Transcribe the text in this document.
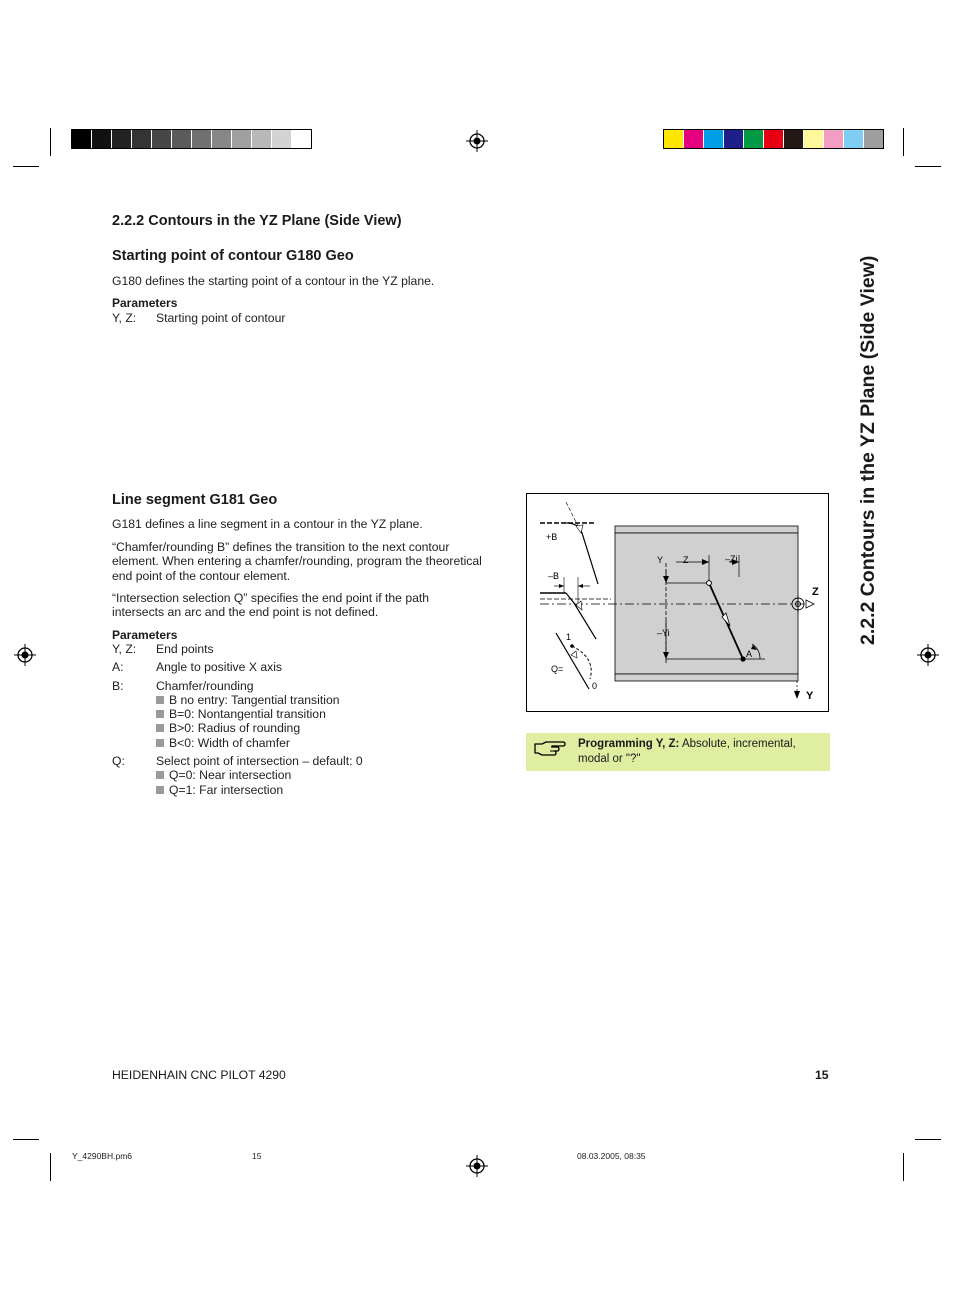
2.2.2 Contours in the YZ Plane (Side View)
Starting point of contour G180 Geo

G180 defines the starting point of a contour in the YZ plane.

Parameters
Y, Z: Starting point of contour
Line segment G181 Geo

G181 defines a line segment in a contour in the YZ plane.

“Chamfer/rounding B” defines the transition to the next contour element. When entering a chamfer/rounding, program the theoretical end point of the contour element.

“Intersection selection Q” specifies the end point if the path intersects an arc and the end point is not defined.

Parameters
Y, Z: End points
A:	Angle to positive X axis
B:	Chamfer/rounding
B no entry: Tangential transition
B=0: Nontangential transition
B>0: Radius of rounding
B<0: Width of chamfer
Q:	Select point of intersection – default: 0
Q=0: Near intersection
Q=1: Far intersection
Z
Y
Y Z	–Zi
–Yi
A
+B
–B
1
Q=
0
Programming Y, Z: Absolute, incremental, modal or "?"
2.2.2 Contours in the YZ Plane (Side View)
HEIDENHAIN CNC PILOT 4290	15
Y_4290BH.pm6	15	08.03.2005, 08:35
